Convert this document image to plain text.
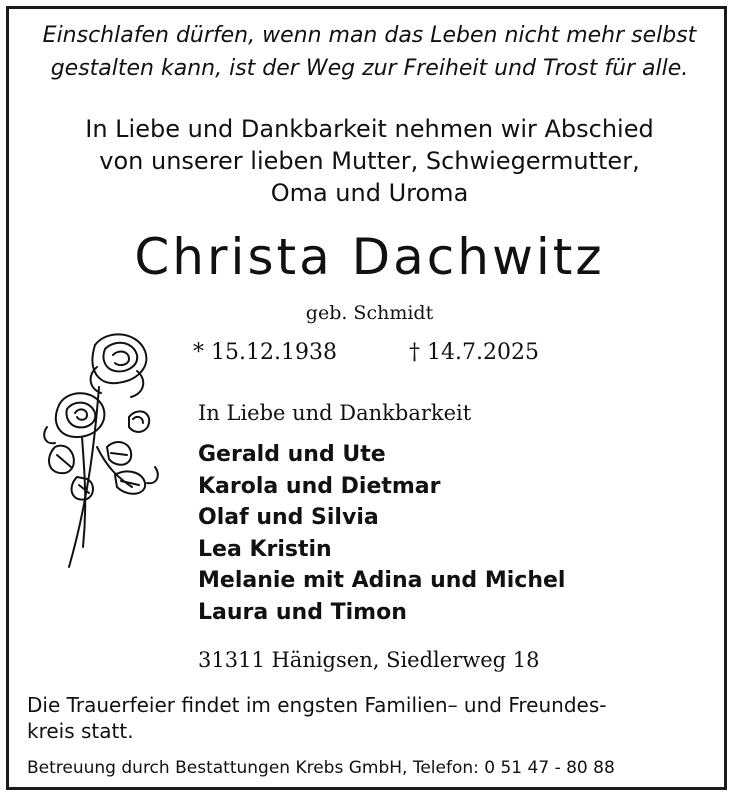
Einschlafen dürfen, wenn man das Leben nicht mehr selbst
gestalten kann, ist der Weg zur Freiheit und Trost für alle.
In Liebe und Dankbarkeit nehmen wir Abschied
von unserer lieben Mutter, Schwiegermutter,
Oma und Uroma
Christa Dachwitz
geb. Schmidt
* 15.12.1938	† 14.7.2025
In Liebe und Dankbarkeit
Gerald und Ute
Karola und Dietmar
Olaf und Silvia
Lea Kristin
Melanie mit Adina und Michel
Laura und Timon
31311 Hänigsen, Siedlerweg 18
Die Trauerfeier findet im engsten Familien– und Freundes-
kreis statt.
Betreuung durch Bestattungen Krebs GmbH, Telefon: 0 51 47 - 80 88
